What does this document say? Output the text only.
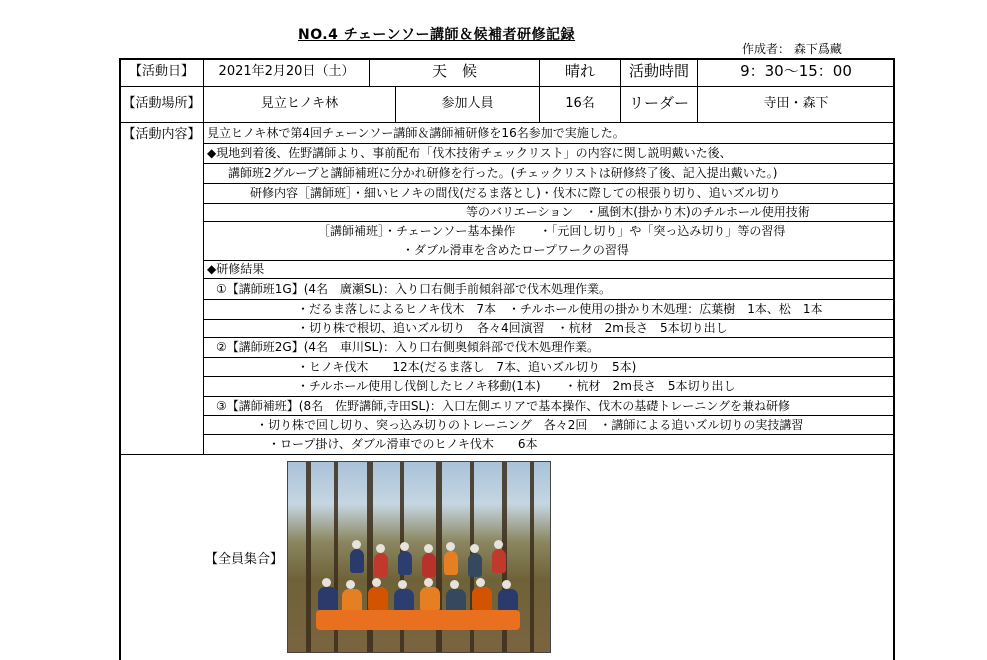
NO.4 チェーンソー講師＆候補者研修記録
作成者： 森下爲藏
【活動日】	2021年2月20日（土）	天　候	晴れ	活動時間	9：30～15：00
【活動場所】	見立ヒノキ林	参加人員	16名	リーダー	寺田・森下
【活動内容】 見立ヒノキ林で第4回チェーンソー講師＆講師補研修を16名参加で実施した。
◆現地到着後、佐野講師より、事前配布「伐木技術チェックリスト」の内容に関し説明戴いた後、
講師班2グループと講師補班に分かれ研修を行った。(チェックリストは研修終了後、記入提出戴いた。)
研修内容［講師班］・細いヒノキの間伐(だるま落とし)・伐木に際しての根張り切り、追いズル切り
等のバリエーション　・風倒木(掛かり木)のチルホール使用技術
［講師補班］・チェーンソー基本操作　　・「元回し切り」や「突っ込み切り」等の習得
・ダブル滑車を含めたロープワークの習得
◆研修結果
①【講師班1G】(4名　廣瀬SL)：入り口右側手前傾斜部で伐木処理作業。
・だるま落しによるヒノキ伐木　7本　・チルホール使用の掛かり木処理：広葉樹　1本、松　1本
・切り株で根切、追いズル切り　各々4回演習　・杭材　2m長さ　5本切り出し
②【講師班2G】(4名　車川SL)：入り口右側奥傾斜部で伐木処理作業。
・ヒノキ伐木　　12本(だるま落し　7本、追いズル切り　5本)
・チルホール使用し伐倒したヒノキ移動(1本)　　・杭材　2m長さ　5本切り出し
③【講師補班】(8名　佐野講師,寺田SL)：入口左側エリアで基本操作、伐木の基礎トレーニングを兼ね研修
・切り株で回し切り、突っ込み切りのトレーニング　各々2回　・講師による追いズル切りの実技講習
・ロープ掛け、ダブル滑車でのヒノキ伐木　　6本
【全員集合】
